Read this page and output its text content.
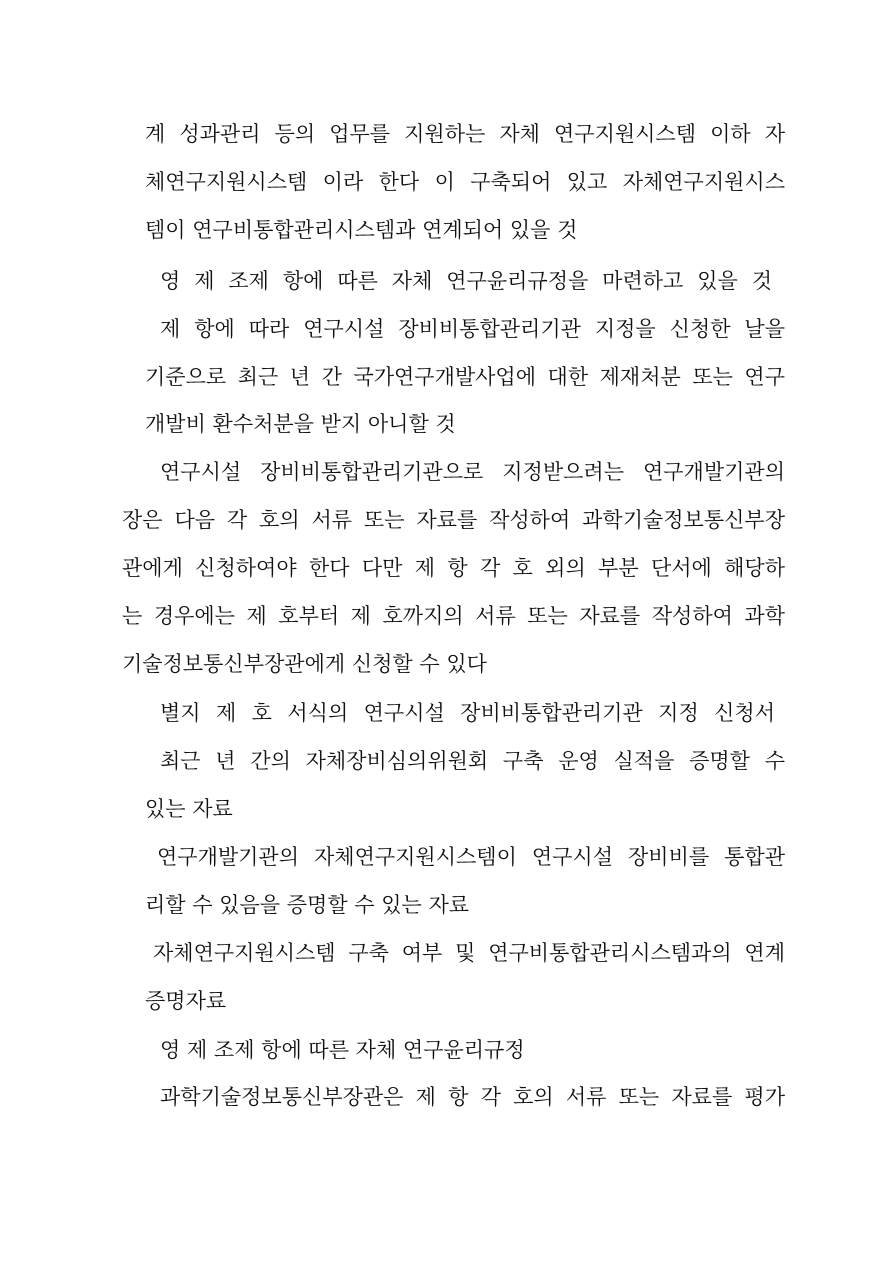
계 성과관리 등의 업무를 지원하는 자체 연구지원시스템 이하 자
체연구지원시스템 이라 한다 이 구축되어 있고 자체연구지원시스
템이 연구비통합관리시스템과 연계되어 있을 것
영 제 조제 항에 따른 자체 연구윤리규정을 마련하고 있을 것
제 항에 따라 연구시설 장비비통합관리기관 지정을 신청한 날을
기준으로 최근 년 간 국가연구개발사업에 대한 제재처분 또는 연구
개발비 환수처분을 받지 아니할 것
연구시설 장비비통합관리기관으로 지정받으려는 연구개발기관의
장은 다음 각 호의 서류 또는 자료를 작성하여 과학기술정보통신부장
관에게 신청하여야 한다 다만 제 항 각 호 외의 부분 단서에 해당하
는 경우에는 제 호부터 제 호까지의 서류 또는 자료를 작성하여 과학
기술정보통신부장관에게 신청할 수 있다
별지 제 호 서식의 연구시설 장비비통합관리기관 지정 신청서
최근 년 간의 자체장비심의위원회 구축 운영 실적을 증명할 수
있는 자료
연구개발기관의 자체연구지원시스템이 연구시설 장비비를 통합관
리할 수 있음을 증명할 수 있는 자료
자체연구지원시스템 구축 여부 및 연구비통합관리시스템과의 연계
증명자료
영 제 조제 항에 따른 자체 연구윤리규정
과학기술정보통신부장관은 제 항 각 호의 서류 또는 자료를 평가
